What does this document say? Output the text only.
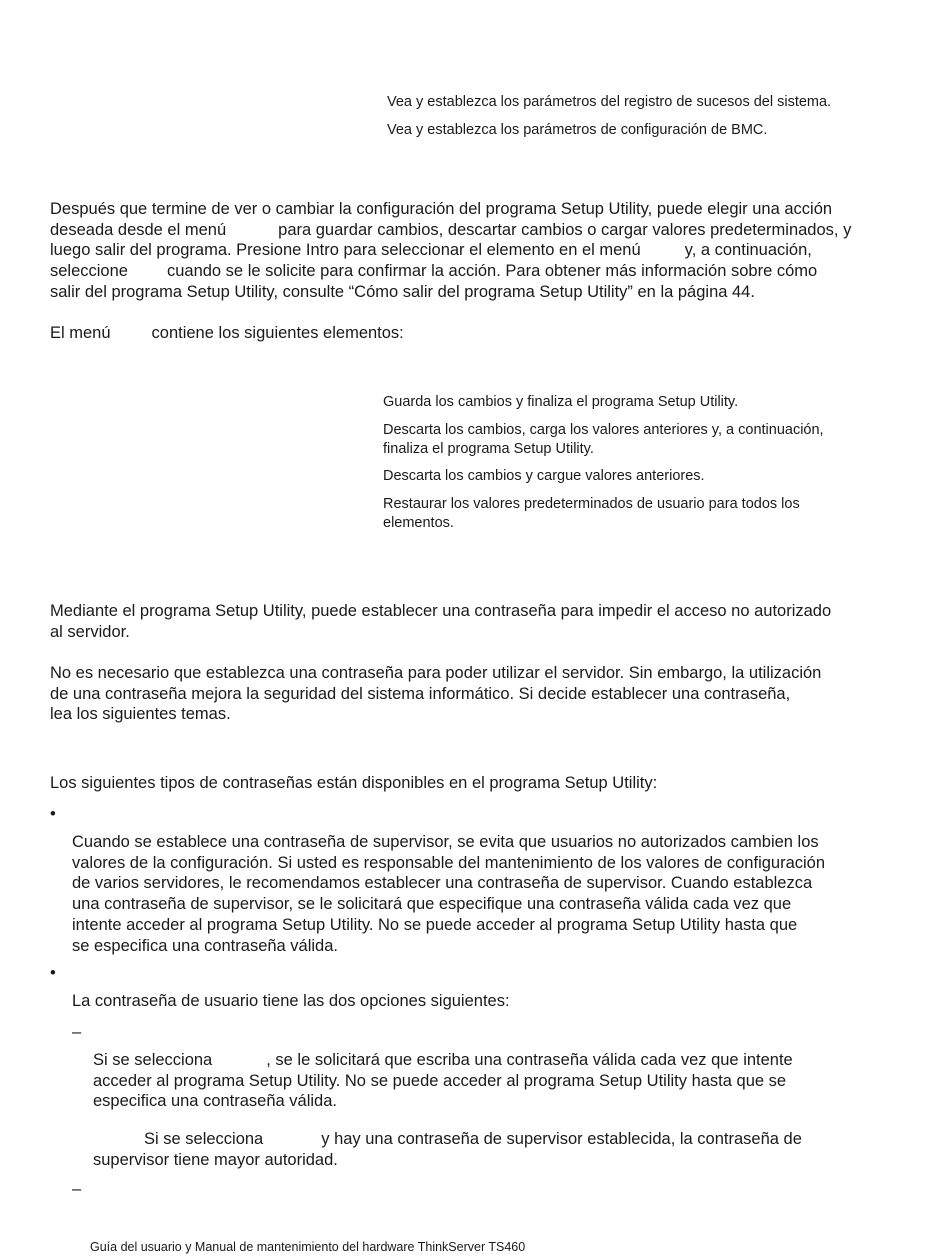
Vea y establezca los parámetros del registro de sucesos del sistema.
Vea y establezca los parámetros de configuración de BMC.
Después que termine de ver o cambiar la configuración del programa Setup Utility, puede elegir una acción
deseada desde el menú	para guardar cambios, descartar cambios o cargar valores predeterminados, y
luego salir del programa. Presione Intro para seleccionar el elemento en el menú	y, a continuación,
seleccione cuando se le solicite para confirmar la acción. Para obtener más información sobre cómo
salir del programa Setup Utility, consulte “Cómo salir del programa Setup Utility” en la página 44.
El menú contiene los siguientes elementos:
Guarda los cambios y finaliza el programa Setup Utility.
Descarta los cambios, carga los valores anteriores y, a continuación,
finaliza el programa Setup Utility.
Descarta los cambios y cargue valores anteriores.
Restaurar los valores predeterminados de usuario para todos los
elementos.
Mediante el programa Setup Utility, puede establecer una contraseña para impedir el acceso no autorizado
al servidor.
No es necesario que establezca una contraseña para poder utilizar el servidor. Sin embargo, la utilización
de una contraseña mejora la seguridad del sistema informático. Si decide establecer una contraseña,
lea los siguientes temas.
Los siguientes tipos de contraseñas están disponibles en el programa Setup Utility:
•
Cuando se establece una contraseña de supervisor, se evita que usuarios no autorizados cambien los
valores de la configuración. Si usted es responsable del mantenimiento de los valores de configuración
de varios servidores, le recomendamos establecer una contraseña de supervisor. Cuando establezca
una contraseña de supervisor, se le solicitará que especifique una contraseña válida cada vez que
intente acceder al programa Setup Utility. No se puede acceder al programa Setup Utility hasta que
se especifica una contraseña válida.
•
La contraseña de usuario tiene las dos opciones siguientes:
–
Si se selecciona	, se le solicitará que escriba una contraseña válida cada vez que intente
acceder al programa Setup Utility. No se puede acceder al programa Setup Utility hasta que se
especifica una contraseña válida.
Si se selecciona	y hay una contraseña de supervisor establecida, la contraseña de
supervisor tiene mayor autoridad.
–
Guía del usuario y Manual de mantenimiento del hardware ThinkServer TS460
